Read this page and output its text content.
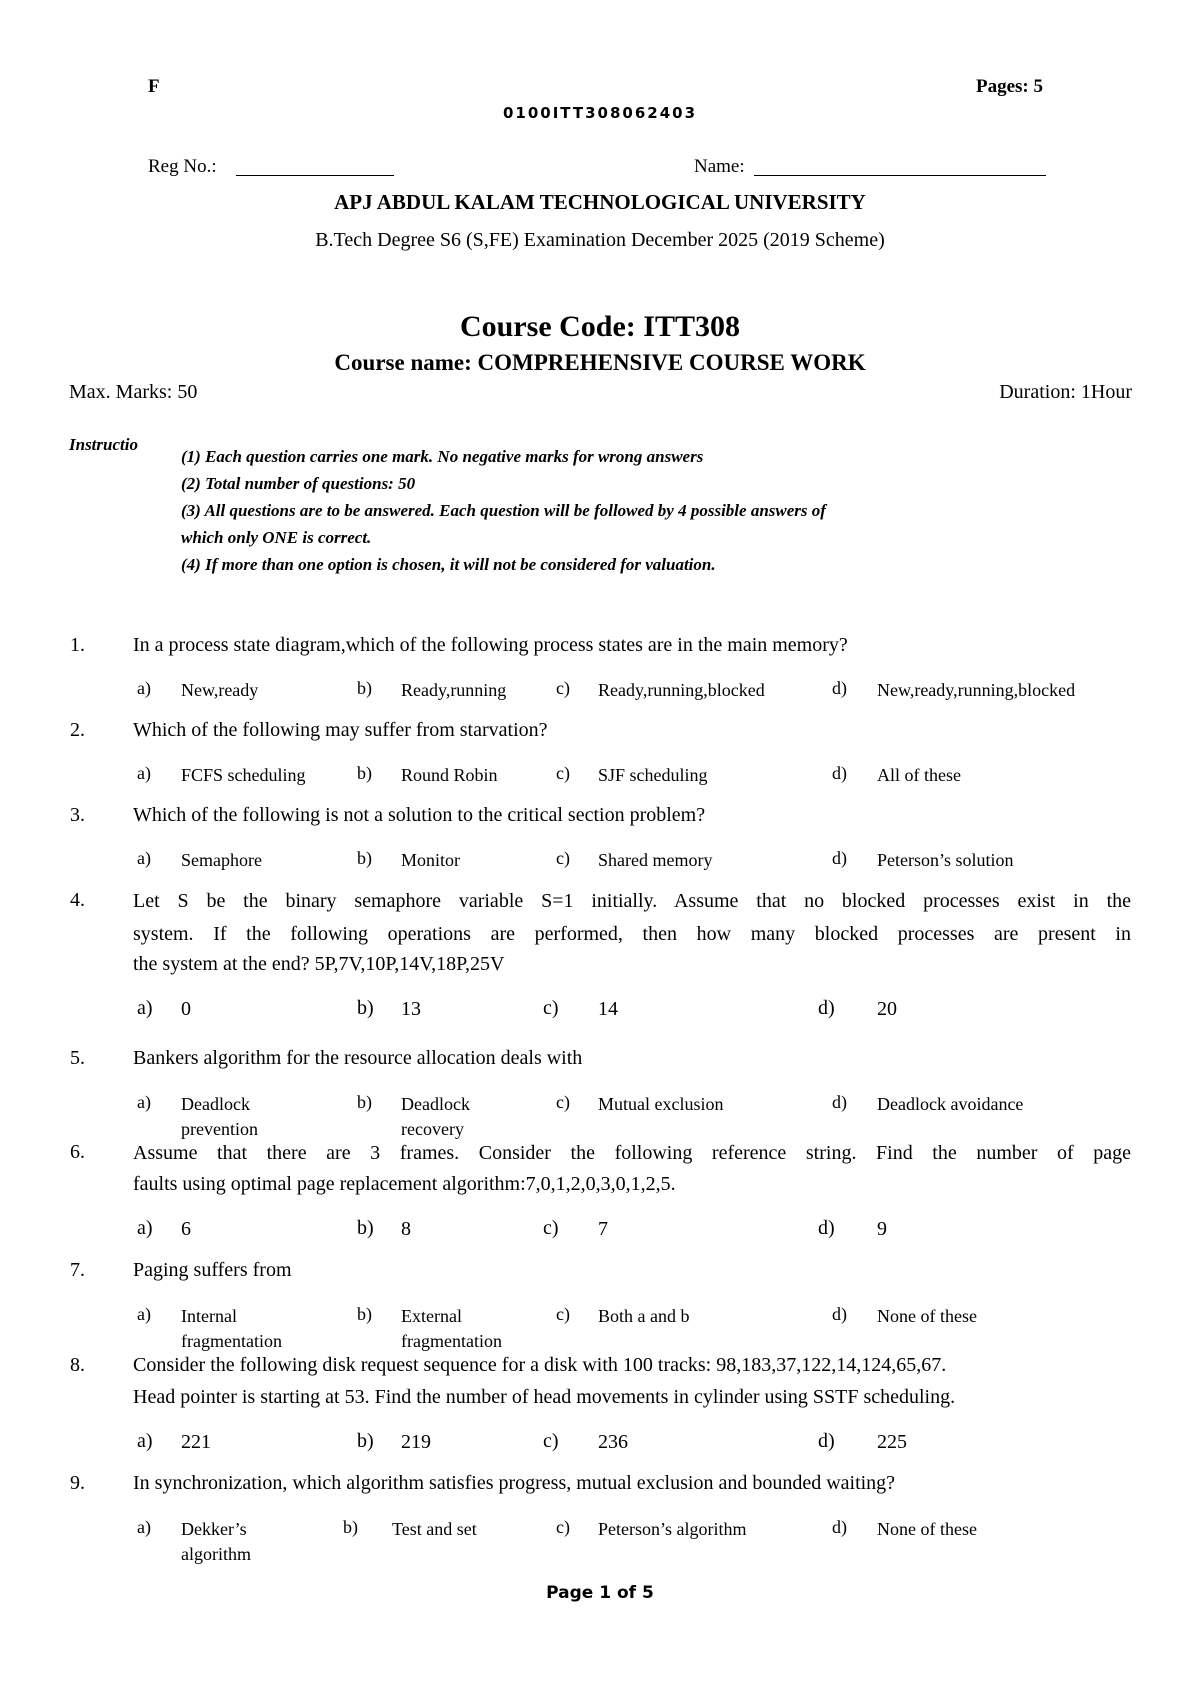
F	Pages: 5
0100ITT308062403
Reg No.:	Name:
APJ ABDUL KALAM TECHNOLOGICAL UNIVERSITY
B.Tech Degree S6 (S,FE) Examination December 2025 (2019 Scheme)
Course Code: ITT308
Course name: COMPREHENSIVE COURSE WORK
Max. Marks: 50	Duration: 1Hour
Instructio
(1) Each question carries one mark. No negative marks for wrong answers
(2) Total number of questions: 50
(3) All questions are to be answered. Each question will be followed by 4 possible answers of
which only ONE is correct.
(4) If more than one option is chosen, it will not be considered for valuation.
1. In a process state diagram,which of the following process states are in the main memory?
a) New,ready	b) Ready,running	c) Ready,running,blocked	d) New,ready,running,blocked
2. Which of the following may suffer from starvation?
a) FCFS scheduling	b) Round Robin	c) SJF scheduling	d) All of these
3. Which of the following is not a solution to the critical section problem?
a) Semaphore	b) Monitor	c) Shared memory	d) Peterson’s solution
4. Let S be the binary semaphore variable S=1 initially. Assume that no blocked processes exist in the
system. If the following operations are performed, then how many blocked processes are present in
the system at the end? 5P,7V,10P,14V,18P,25V
a) 0	b) 13	c) 14	d) 20
5. Bankers algorithm for the resource allocation deals with
a) Deadlock
prevention
b) Deadlock
recovery
c) Mutual exclusion	d) Deadlock avoidance
6. Assume that there are 3 frames. Consider the following reference string. Find the number of page
faults using optimal page replacement algorithm:7,0,1,2,0,3,0,1,2,5.
a) 6	b) 8	c) 7	d) 9
7. Paging suffers from
a) Internal
fragmentation
b) External
fragmentation
c) Both a and b	d) None of these
8. Consider the following disk request sequence for a disk with 100 tracks: 98,183,37,122,14,124,65,67.
Head pointer is starting at 53. Find the number of head movements in cylinder using SSTF scheduling.
a) 221	b) 219	c) 236	d) 225
9. In synchronization, which algorithm satisfies progress, mutual exclusion and bounded waiting?
a) Dekker’s
algorithm
b) Test and set	c) Peterson’s algorithm	d) None of these
Page 1 of 5
